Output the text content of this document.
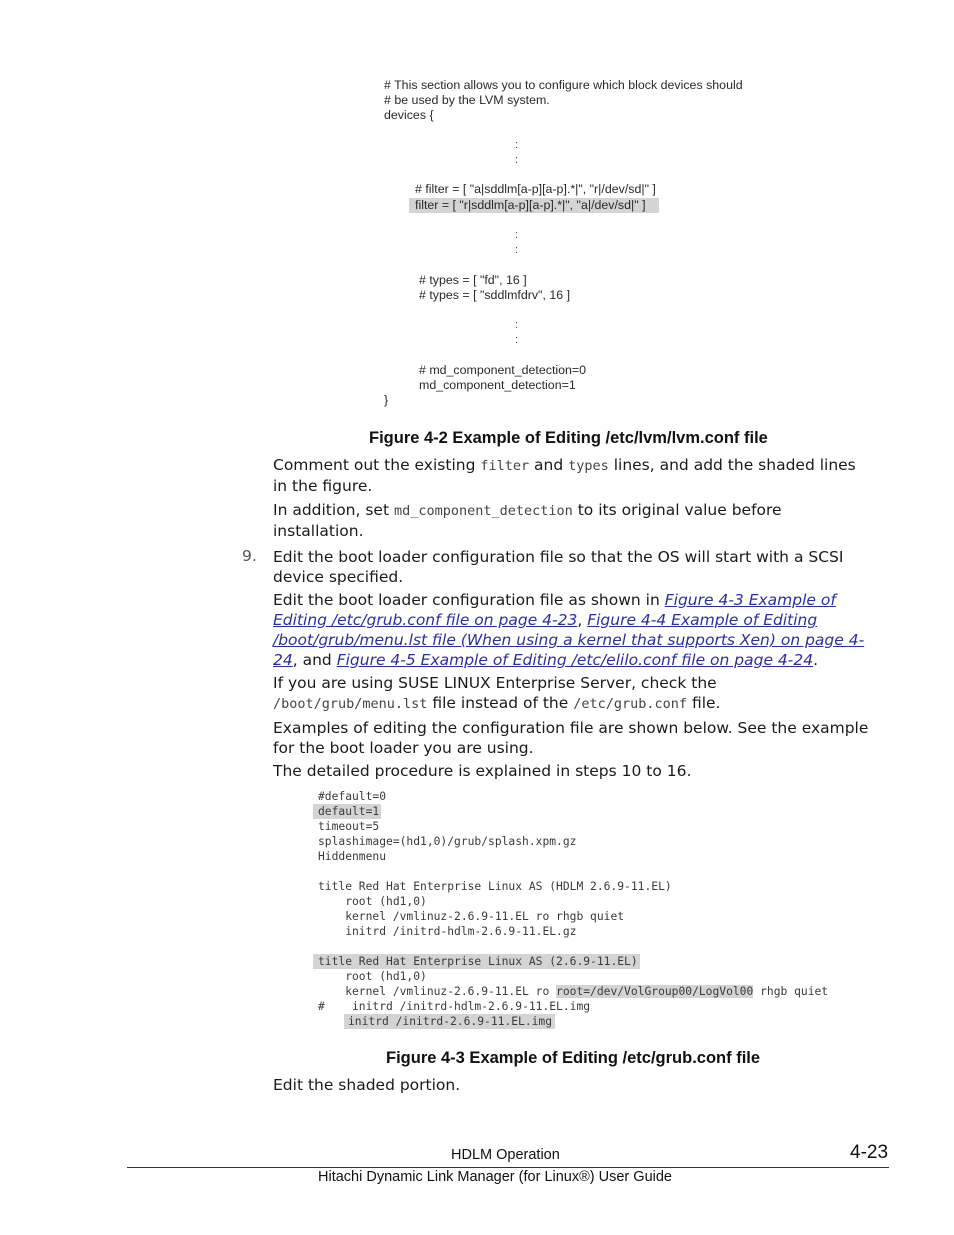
# This section allows you to configure which block devices should

# be used by the LVM system.

devices {

# filter = [ "a|sddlm[a-p][a-p].*|", "r|/dev/sd|" ]

filter = [ "r|sddlm[a-p][a-p].*|", "a|/dev/sd|" ]

# types = [ "fd", 16 ]

# types = [ "sddlmfdrv", 16 ]

# md_component_detection=0

md_component_detection=1

}

:
:
:
:
:
:
Figure 4-2 Example of Editing /etc/lvm/lvm.conf file
Comment out the existing filter and types lines, and add the shaded lines in the figure.
In addition, set md_component_detection to its original value before installation.
9. Edit the boot loader configuration file so that the OS will start with a SCSI device specified.
Edit the boot loader configuration file as shown in Figure 4-3 Example of Editing /etc/grub.conf file on page 4-23, Figure 4-4 Example of Editing /boot/grub/menu.lst file (When using a kernel that supports Xen) on page 4-24, and Figure 4-5 Example of Editing /etc/elilo.conf file on page 4-24.
If you are using SUSE LINUX Enterprise Server, check the /boot/grub/menu.lst file instead of the /etc/grub.conf file.
Examples of editing the configuration file are shown below. See the example for the boot loader you are using.
The detailed procedure is explained in steps 10 to 16.

#default=0

default=1

timeout=5

splashimage=(hd1,0)/grub/splash.xpm.gz

Hiddenmenu

title Red Hat Enterprise Linux AS (HDLM 2.6.9-11.EL)

root (hd1,0)

kernel /vmlinuz-2.6.9-11.EL ro rhgb quiet

initrd /initrd-hdlm-2.6.9-11.EL.gz

title Red Hat Enterprise Linux AS (2.6.9-11.EL)

root (hd1,0)

kernel /vmlinuz-2.6.9-11.EL ro root=/dev/VolGroup00/LogVol00 rhgb quiet

#    initrd /initrd-hdlm-2.6.9-11.EL.img

initrd /initrd-2.6.9-11.EL.img

Figure 4-3 Example of Editing /etc/grub.conf file
Edit the shaded portion.
HDLM Operation	4-23
Hitachi Dynamic Link Manager (for Linux®) User Guide
